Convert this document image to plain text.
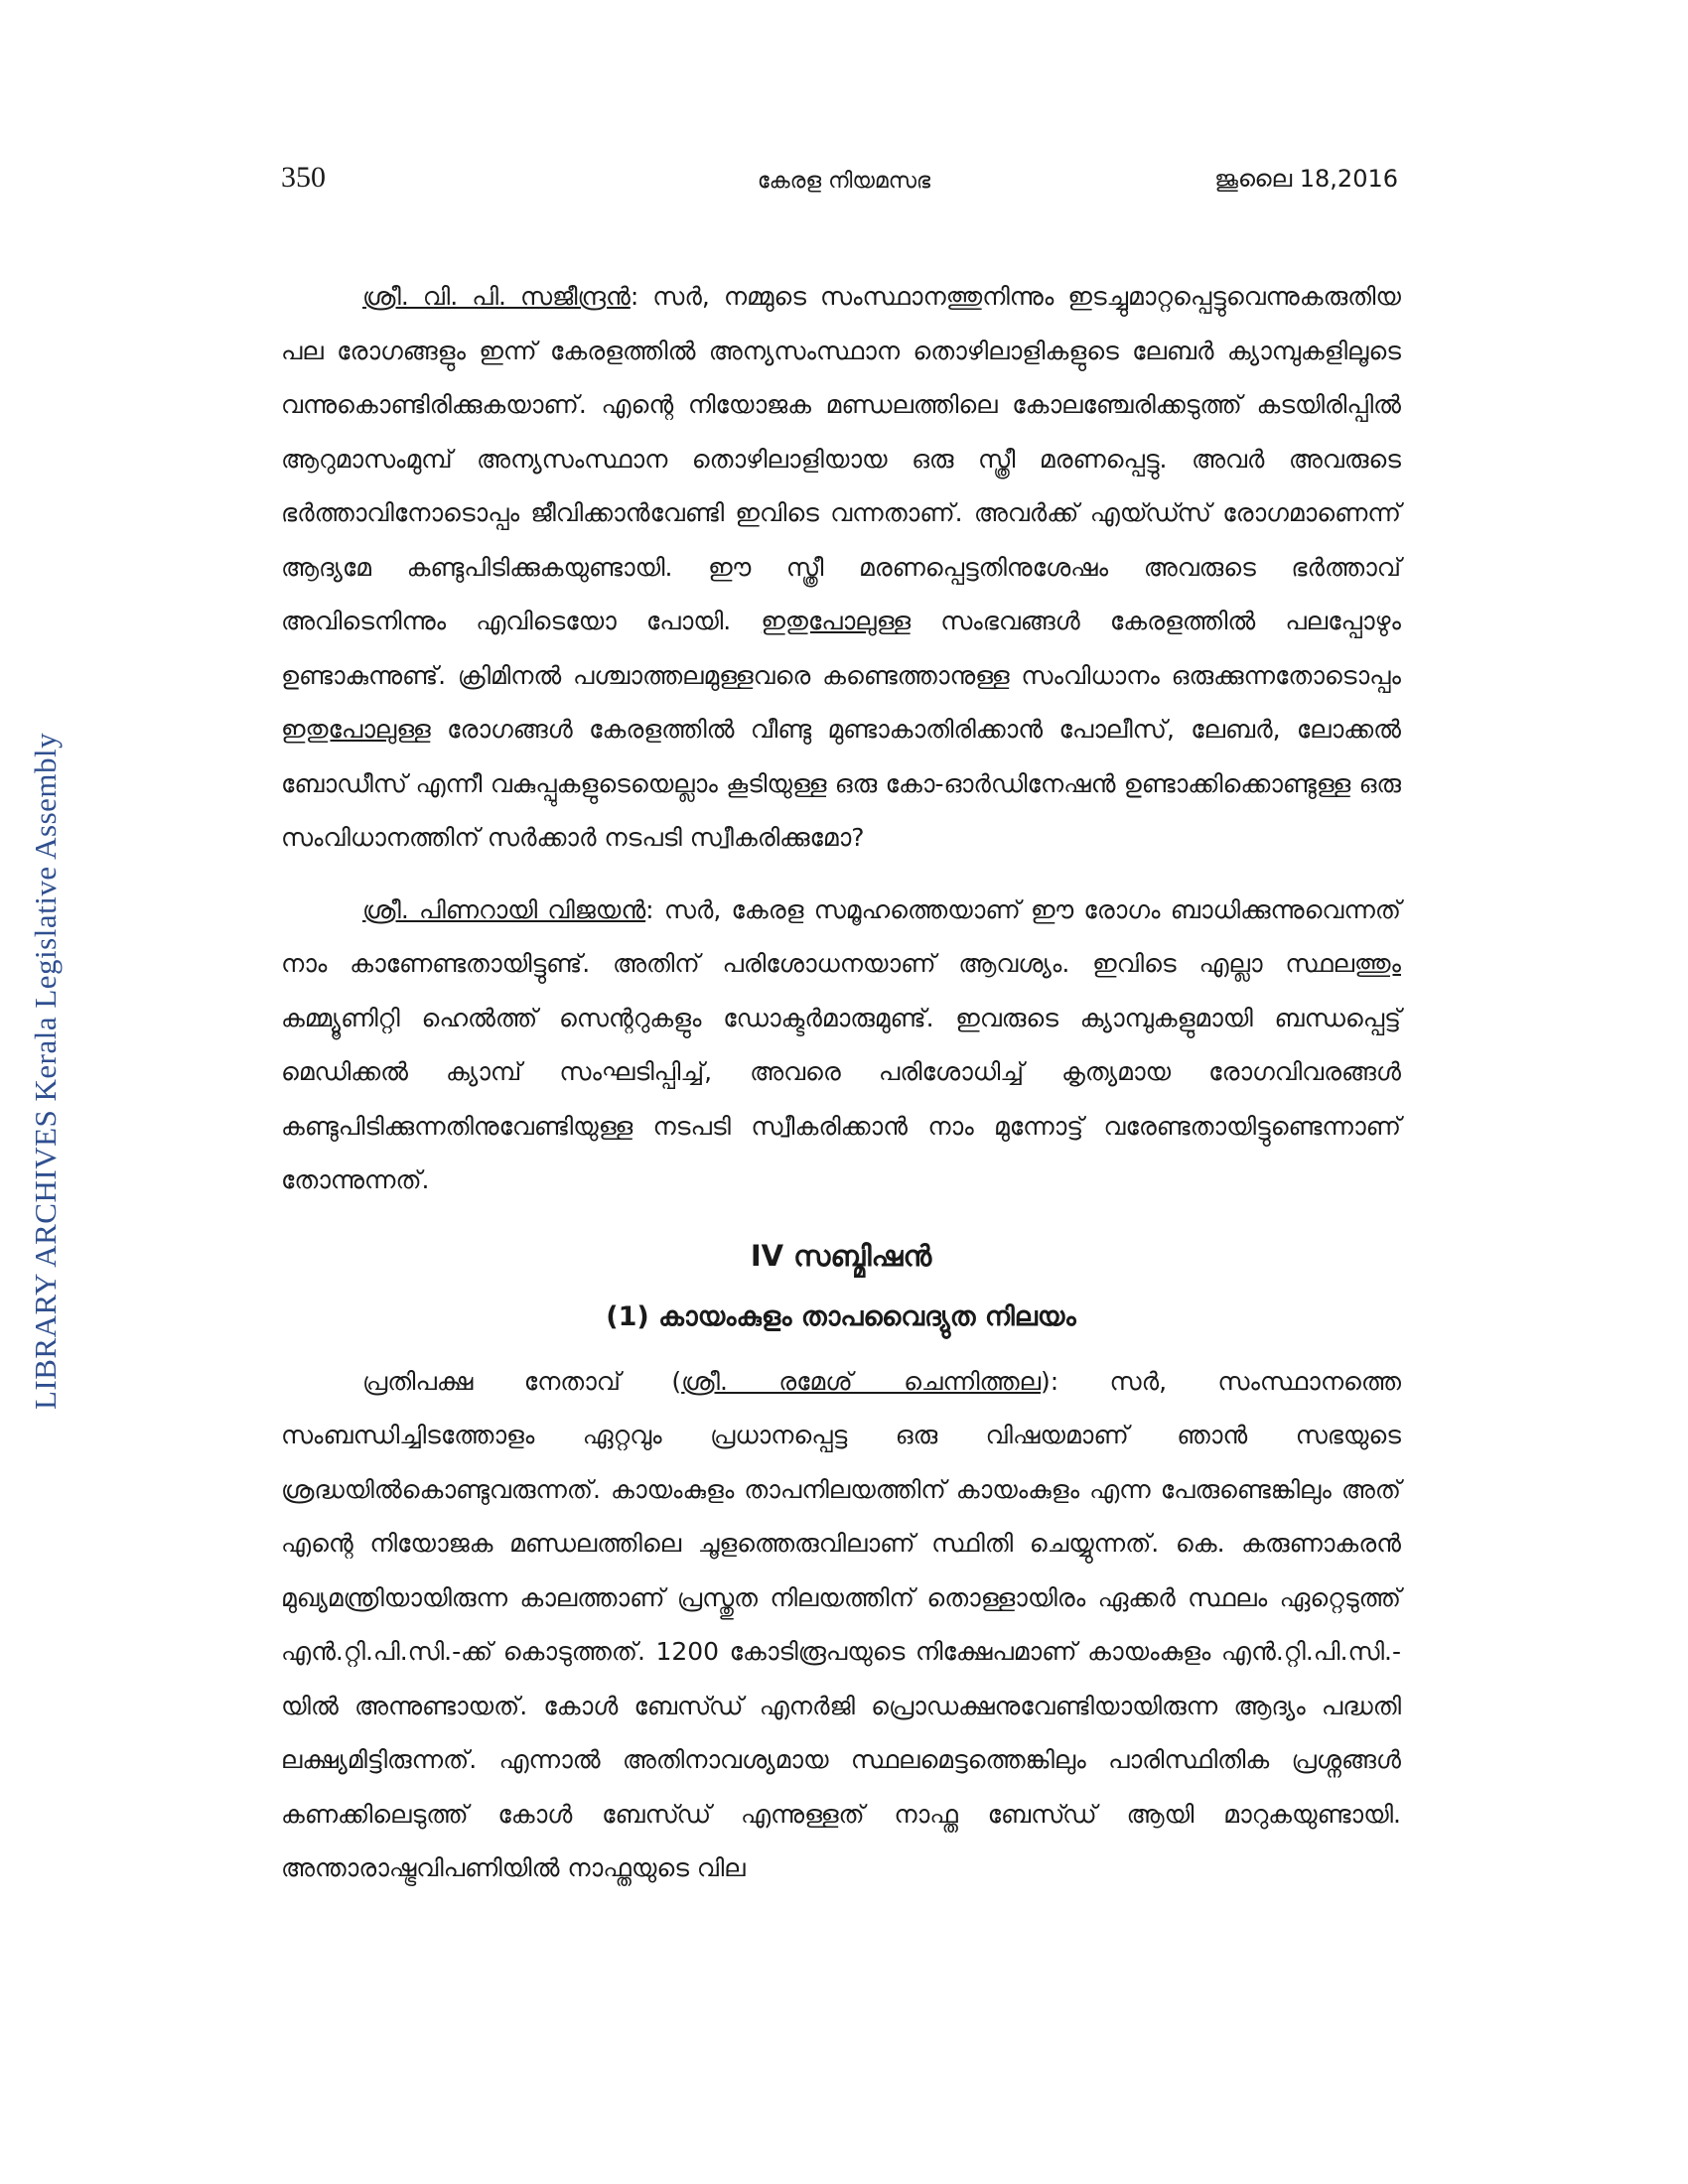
350	കേരള നിയമസഭ	ജൂലൈ 18,2016
LIBRARY ARCHIVES Kerala Legislative Assembly

ശ്രീ. വി. പി. സജീന്ദ്രൻ: സർ, നമ്മുടെ സംസ്ഥാനത്തുനിന്നും ഇടച്ചുമാറ്റപ്പെട്ടുവെന്നുകരുതിയ പല രോഗങ്ങളും ഇന്ന് കേരളത്തിൽ അന്യസംസ്ഥാന തൊഴിലാളികളുടെ ലേബർ ക്യാമ്പുകളിലൂടെ വന്നുകൊണ്ടിരിക്കുകയാണ്. എന്റെ നിയോജക മണ്ഡലത്തിലെ കോലഞ്ചേരിക്കടുത്ത് കടയിരിപ്പിൽ ആറുമാസംമുമ്പ് അന്യസംസ്ഥാന തൊഴിലാളിയായ ഒരു സ്ത്രീ മരണപ്പെട്ടു. അവർ അവരുടെ ഭർത്താവിനോടൊപ്പം ജീവിക്കാൻവേണ്ടി ഇവിടെ വന്നതാണ്. അവർക്ക് എയ്ഡ്സ് രോഗമാണെന്ന് ആദ്യമേ കണ്ടുപിടിക്കുകയുണ്ടായി. ഈ സ്ത്രീ മരണപ്പെട്ടതിനുശേഷം അവരുടെ ഭർത്താവ് അവിടെനിന്നും എവിടെയോ പോയി. ഇതുപോലുള്ള സംഭവങ്ങൾ കേരളത്തിൽ പലപ്പോഴും ഉണ്ടാകുന്നുണ്ട്. ക്രിമിനൽ പശ്ചാത്തലമുള്ളവരെ കണ്ടെത്താനുള്ള സംവിധാനം ഒരുക്കുന്നതോടൊപ്പം ഇതുപോലുള്ള രോഗങ്ങൾ കേരളത്തിൽ വീണ്ടു മുണ്ടാകാതിരിക്കാൻ പോലീസ്, ലേബർ, ലോക്കൽ ബോഡീസ് എന്നീ വകുപ്പുകളുടെയെല്ലാം കൂടിയുള്ള ഒരു കോ-ഓർഡിനേഷൻ ഉണ്ടാക്കിക്കൊണ്ടുള്ള ഒരു സംവിധാനത്തിന് സർക്കാർ നടപടി സ്വീകരിക്കുമോ?

ശ്രീ. പിണറായി വിജയൻ: സർ, കേരള സമൂഹത്തെയാണ് ഈ രോഗം ബാധിക്കുന്നുവെന്നത് നാം കാണേണ്ടതായിട്ടുണ്ട്. അതിന് പരിശോധനയാണ് ആവശ്യം. ഇവിടെ എല്ലാ സ്ഥലത്തും കമ്മ്യൂണിറ്റി ഹെൽത്ത് സെന്ററുകളും ഡോക്ടർമാരുമുണ്ട്. ഇവരുടെ ക്യാമ്പുകളുമായി ബന്ധപ്പെട്ട് മെഡിക്കൽ ക്യാമ്പ് സംഘടിപ്പിച്ച്, അവരെ പരിശോധിച്ച് കൃത്യമായ രോഗവിവരങ്ങൾ കണ്ടുപിടിക്കുന്നതിനുവേണ്ടിയുള്ള നടപടി സ്വീകരിക്കാൻ നാം മുന്നോട്ട് വരേണ്ടതായിട്ടുണ്ടെന്നാണ് തോന്നുന്നത്.

IV സബ്മിഷൻ
(1) കായംകുളം താപവൈദ്യുത നിലയം

പ്രതിപക്ഷ നേതാവ് (ശ്രീ. രമേശ് ചെന്നിത്തല): സർ, സംസ്ഥാനത്തെ സംബന്ധിച്ചിടത്തോളം ഏറ്റവും പ്രധാനപ്പെട്ട ഒരു വിഷയമാണ് ഞാൻ സഭയുടെ ശ്രദ്ധയിൽകൊണ്ടുവരുന്നത്. കായംകുളം താപനിലയത്തിന് കായംകുളം എന്ന പേരുണ്ടെങ്കിലും അത് എന്റെ നിയോജക മണ്ഡലത്തിലെ ചൂളത്തെരുവിലാണ് സ്ഥിതി ചെയ്യുന്നത്. കെ. കരുണാകരൻ മുഖ്യമന്ത്രിയായിരുന്ന കാലത്താണ് പ്രസ്തുത നിലയത്തിന് തൊള്ളായിരം ഏക്കർ സ്ഥലം ഏറ്റെടുത്ത് എൻ.റ്റി.പി.സി.-ക്ക് കൊടുത്തത്. 1200 കോടിരൂപയുടെ നിക്ഷേപമാണ് കായംകുളം എൻ.റ്റി.പി.സി.-യിൽ അന്നുണ്ടായത്. കോൾ ബേസ്ഡ് എനർജി പ്രൊഡക്ഷനുവേണ്ടിയായിരുന്ന ആദ്യം പദ്ധതി ലക്ഷ്യമിട്ടിരുന്നത്. എന്നാൽ അതിനാവശ്യമായ സ്ഥലമെട്ടത്തെങ്കിലും പാരിസ്ഥിതിക പ്രശ്നങ്ങൾ കണക്കിലെടുത്ത് കോൾ ബേസ്ഡ് എന്നുള്ളത് നാഫ്ത ബേസ്ഡ് ആയി മാറുകയുണ്ടായി. അന്താരാഷ്ട്രവിപണിയിൽ നാഫ്തയുടെ വില
